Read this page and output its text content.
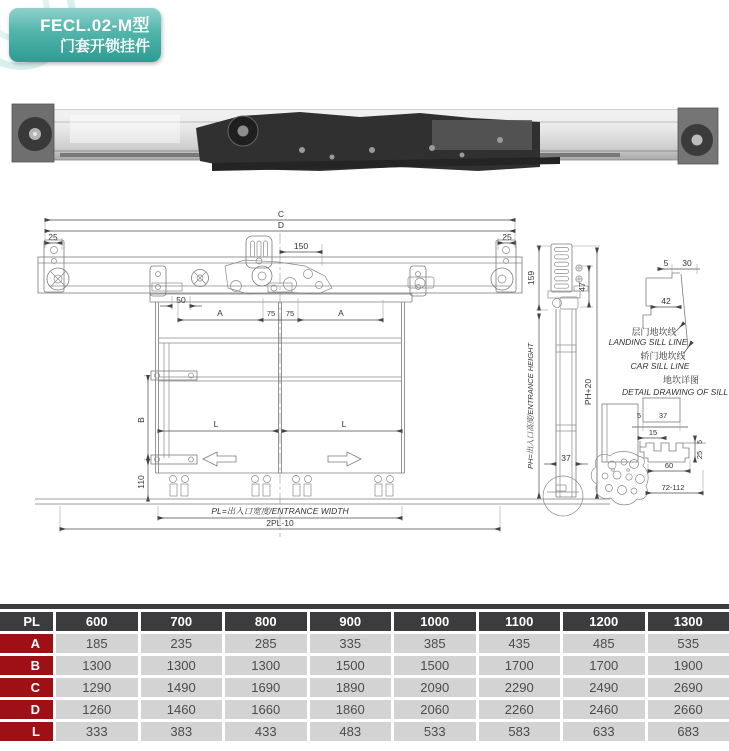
FECL.02-M型
门套开锁挂件
C
D
25	25
150
50
A	75 75	A
B
110
L	L
PL=出入口宽度/ENTRANCE WIDTH
2PL-10
159
47
PH=出入口高度/ENTRANCE HEIGHT	PH+20
37
5 30
42
层门地坎线
LANDING SILL LINE
轿门地坎线
CAR SILL LINE
地坎详图
DETAIL DRAWING OF SILL
5 37
15
5
25
60
72-112
PL	600	700	800	900	1000	1100	1200	1300
A	185	235	285	335	385	435	485	535
B	1300	1300	1300	1500	1500	1700	1700	1900
C	1290	1490	1690	1890	2090	2290	2490	2690
D	1260	1460	1660	1860	2060	2260	2460	2660
L	333	383	433	483	533	583	633	683
